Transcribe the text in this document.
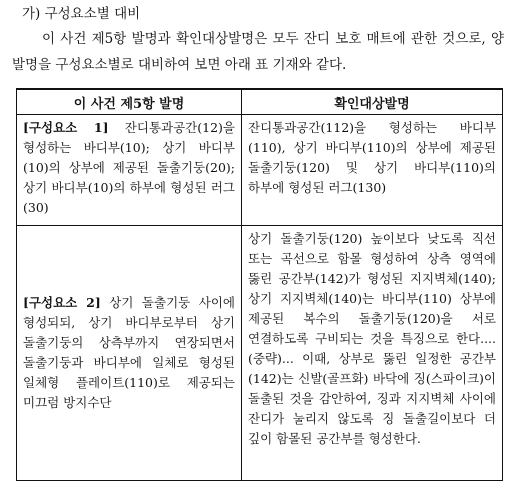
가) 구성요소별 대비
이 사건 제5항 발명과 확인대상발명은 모두 잔디 보호 매트에 관한 것으로, 양 발명을 구성요소별로 대비하여 보면 아래 표 기재와 같다.
이 사건 제5항 발명	확인대상발명
[구성요소 1] 잔디통과공간(12)을 형성하는 바디부(10); 상기 바디부(10)의 상부에 제공된 돌출기둥(20); 상기 바디부(10)의 하부에 형성된 러그(30)	잔디통과공간(112)을 형성하는 바디부(110), 상기 바디부(110)의 상부에 제공된 돌출기둥(120) 및 상기 바디부(110)의 하부에 형성된 러그(130)
[구성요소 2] 상기 돌출기둥 사이에 형성되되, 상기 바디부로부터 상기 돌출기둥의 상측부까지 연장되면서 돌출기둥과 바디부에 일체로 형성된 일체형 플레이트(110)로 제공되는 미끄럼 방지수단	상기 돌출기둥(120) 높이보다 낮도록 직선 또는 곡선으로 함몰 형성하여 상측 영역에 뚫린 공간부(142)가 형성된 지지벽체(140); 상기 지지벽체(140)는 바디부(110) 상부에 제공된 복수의 돌출기둥(120)을 서로 연결하도록 구비되는 것을 특징으로 한다....(중략)... 이때, 상부로 뚫린 일정한 공간부(142)는 신발(골프화) 바닥에 징(스파이크)이 돌출된 것을 감안하여, 징과 지지벽체 사이에 잔디가 눌리지 않도록 징 돌출길이보다 더 깊이 함몰된 공간부를 형성한다.
